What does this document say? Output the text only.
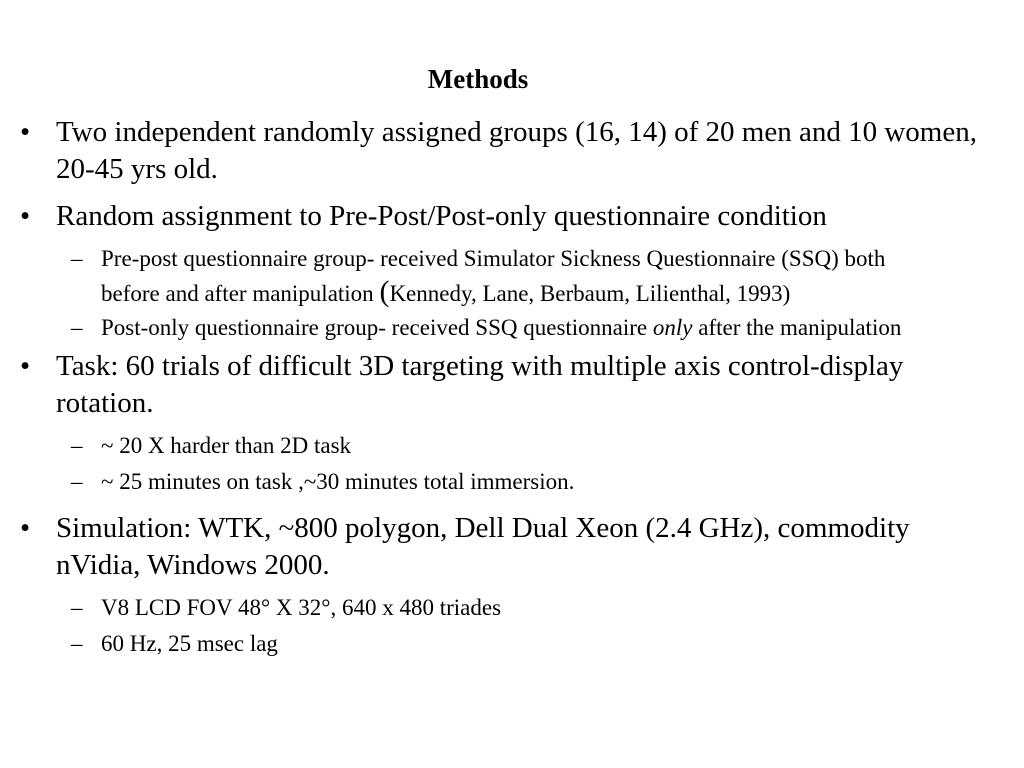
Methods
• Two independent randomly assigned groups (16, 14) of 20 men and 10 women, 20-45 yrs old.
• Random assignment to Pre-Post/Post-only questionnaire condition
– Pre-post questionnaire group- received Simulator Sickness Questionnaire (SSQ) both before and after manipulation (Kennedy, Lane, Berbaum, Lilienthal, 1993)
– Post-only questionnaire group- received SSQ questionnaire only after the manipulation
• Task: 60 trials of difficult 3D targeting with multiple axis control-display rotation.
– ~ 20 X harder than 2D task
– ~ 25 minutes on task ,~30 minutes total immersion.
• Simulation: WTK, ~800 polygon, Dell Dual Xeon (2.4 GHz), commodity nVidia, Windows 2000.
– V8 LCD FOV 48° X 32°, 640 x 480 triades
– 60 Hz, 25 msec lag
